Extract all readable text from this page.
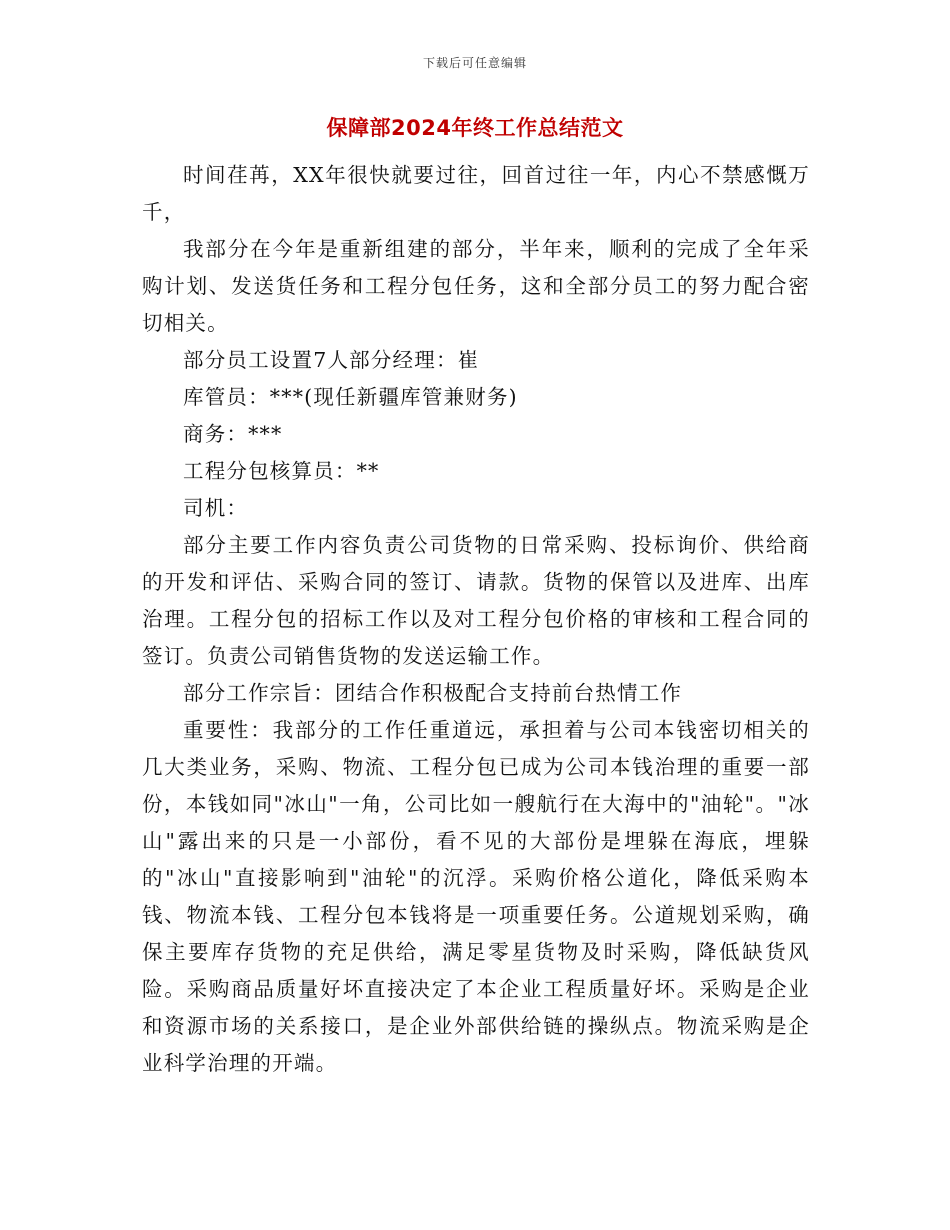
下载后可任意编辑
保障部2024年终工作总结范文

时间荏苒，XX年很快就要过往，回首过往一年，内心不禁感慨万千，

我部分在今年是重新组建的部分，半年来，顺利的完成了全年采购计划、发送货任务和工程分包任务，这和全部分员工的努力配合密切相关。

部分员工设置7人部分经理：崔

库管员：***(现任新疆库管兼财务)

商务：***

工程分包核算员：**

司机：

部分主要工作内容负责公司货物的日常采购、投标询价、供给商的开发和评估、采购合同的签订、请款。货物的保管以及进库、出库治理。工程分包的招标工作以及对工程分包价格的审核和工程合同的签订。负责公司销售货物的发送运输工作。

部分工作宗旨：团结合作积极配合支持前台热情工作

重要性：我部分的工作任重道远，承担着与公司本钱密切相关的几大类业务，采购、物流、工程分包已成为公司本钱治理的重要一部份，本钱如同"冰山"一角，公司比如一艘航行在大海中的"油轮"。"冰山"露出来的只是一小部份，看不见的大部份是埋躲在海底，埋躲的"冰山"直接影响到"油轮"的沉浮。采购价格公道化，降低采购本钱、物流本钱、工程分包本钱将是一项重要任务。公道规划采购，确保主要库存货物的充足供给，满足零星货物及时采购，降低缺货风险。采购商品质量好坏直接决定了本企业工程质量好坏。采购是企业和资源市场的关系接口，是企业外部供给链的操纵点。物流采购是企业科学治理的开端。
